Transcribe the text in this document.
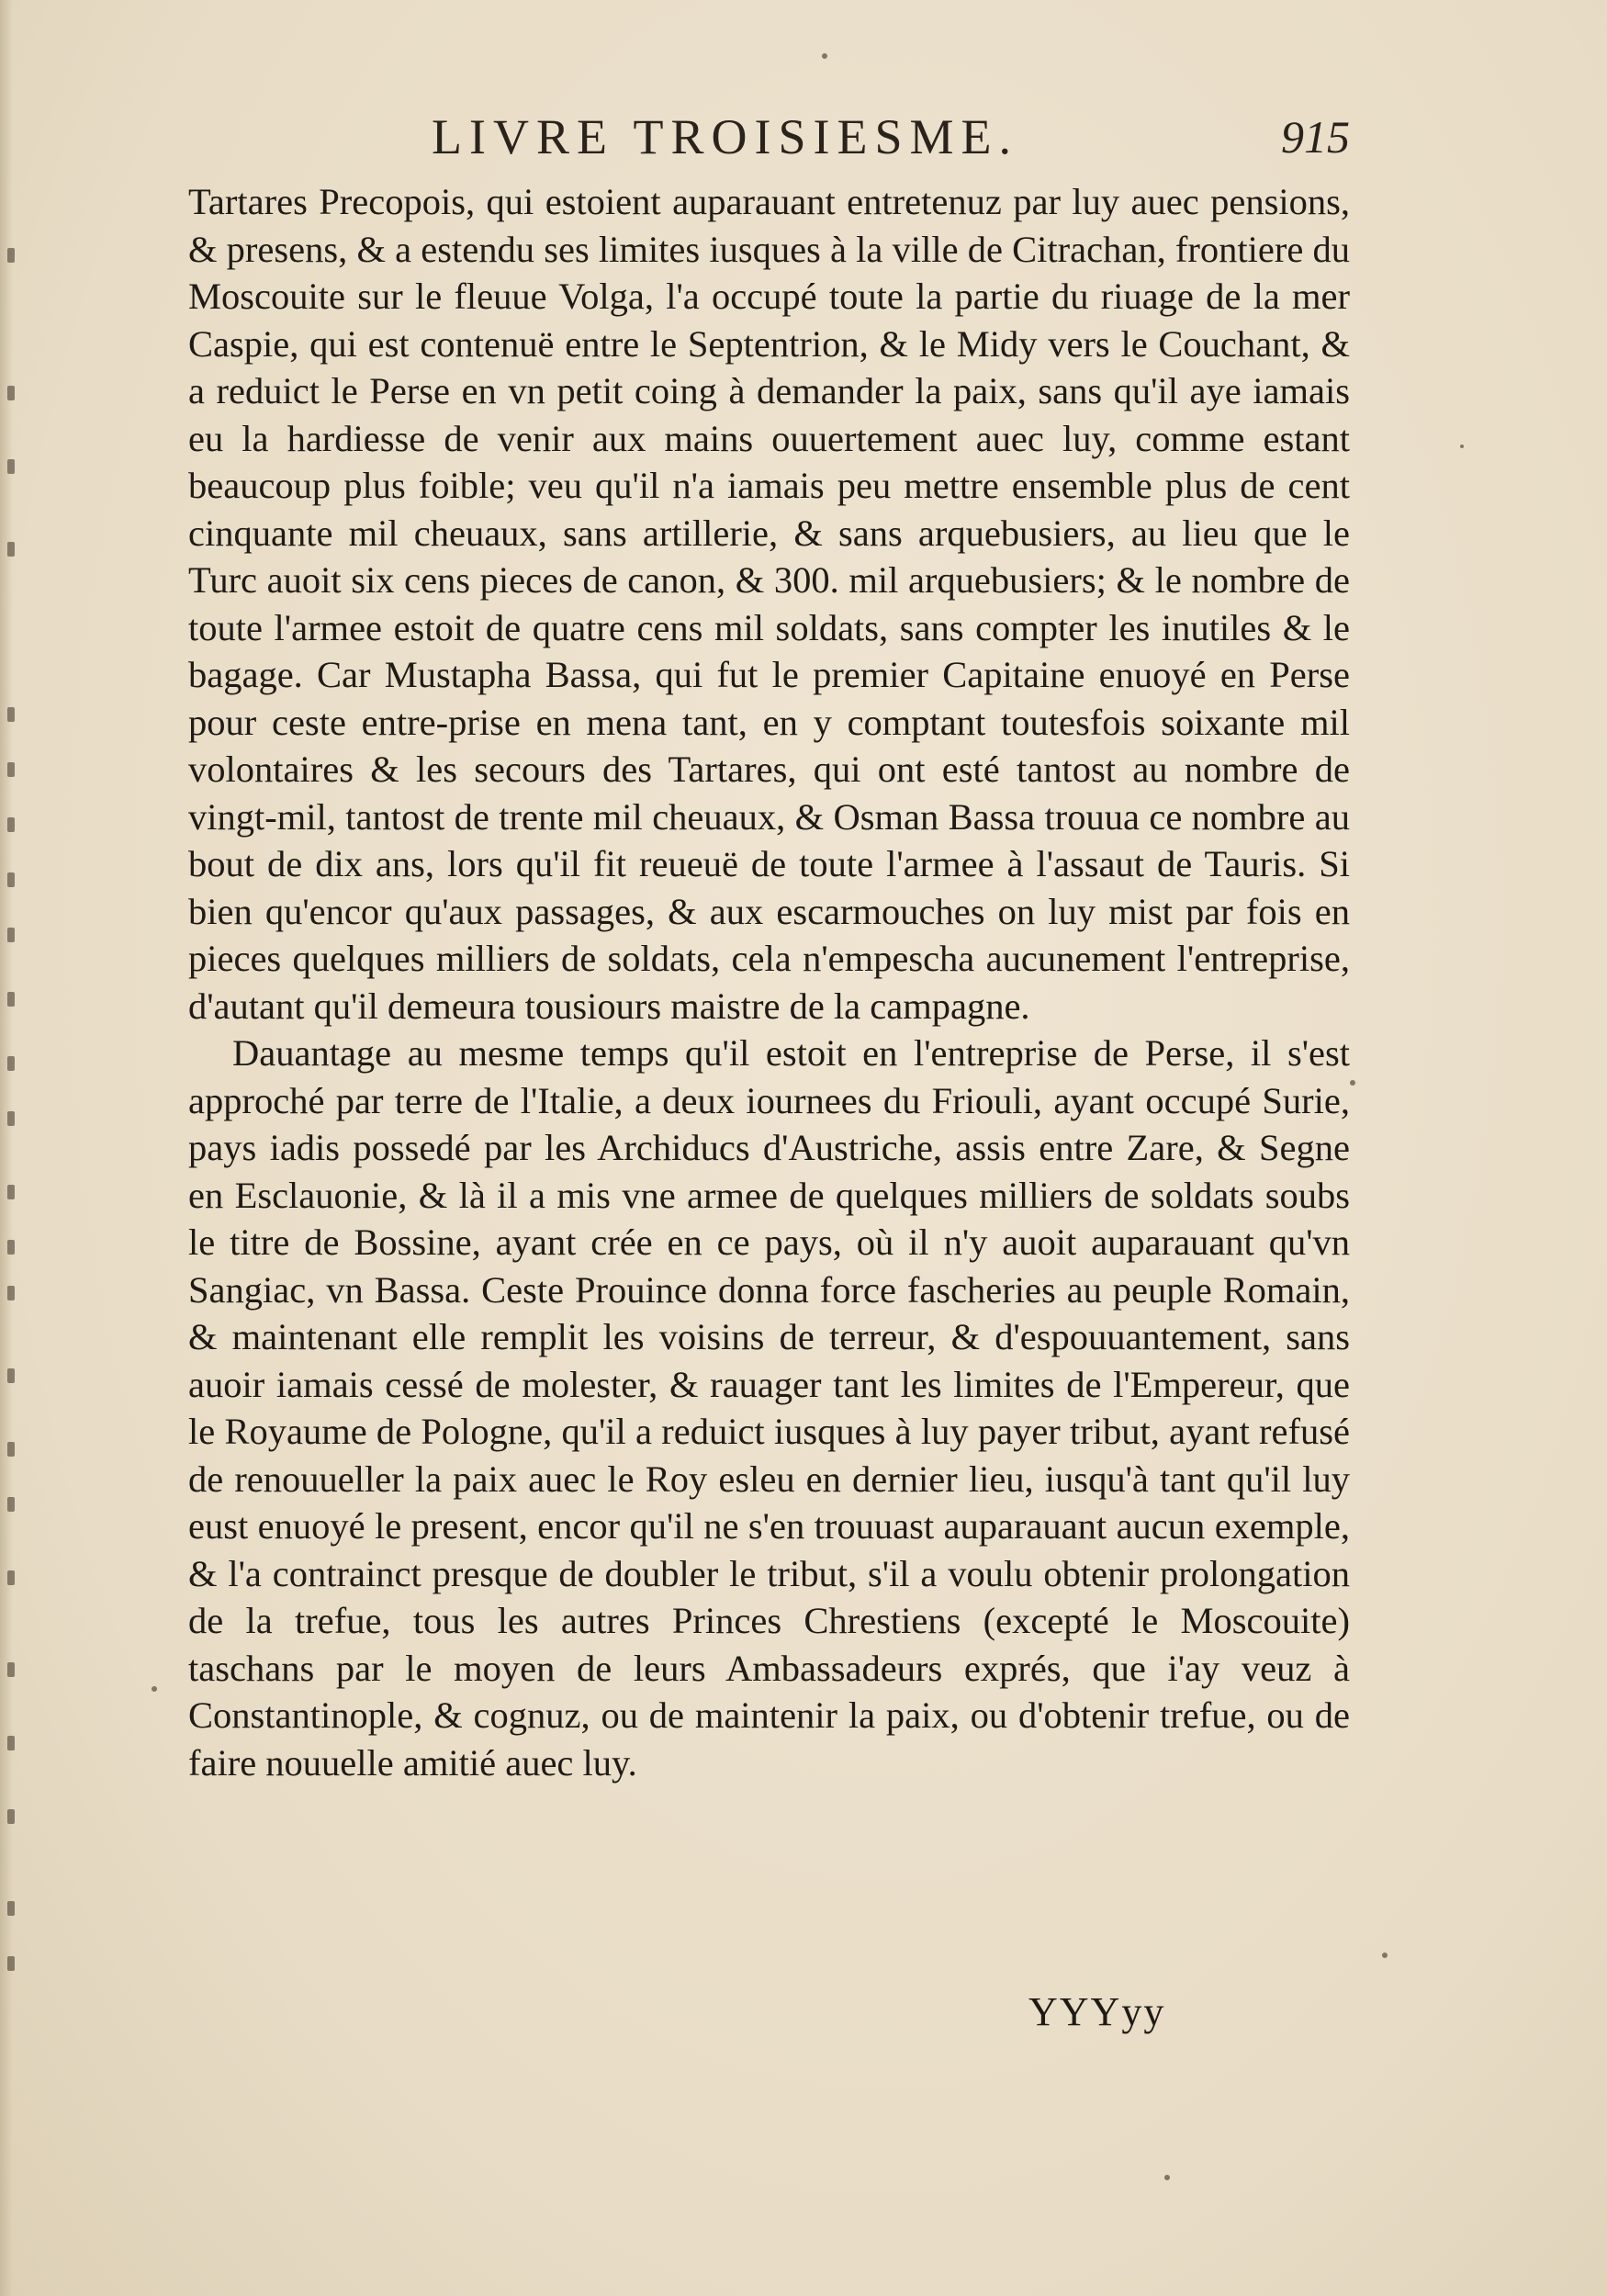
LIVRE TROISIESME.	915

Tartares Precopois, qui estoient auparauant entretenuz par luy auec pensions, & presens, & a estendu ses limites iusques à la ville de Citrachan, frontiere du Moscouite sur le fleuue Volga, l'a occupé toute la partie du riuage de la mer Caspie, qui est contenuë entre le Septentrion, & le Midy vers le Couchant, & a reduict le Perse en vn petit coing à demander la paix, sans qu'il aye iamais eu la hardiesse de venir aux mains ouuertement auec luy, comme estant beaucoup plus foible; veu qu'il n'a iamais peu mettre ensemble plus de cent cinquante mil cheuaux, sans artillerie, & sans arquebusiers, au lieu que le Turc auoit six cens pieces de canon, & 300. mil arquebusiers; & le nombre de toute l'armee estoit de quatre cens mil soldats, sans compter les inutiles & le bagage. Car Mustapha Bassa, qui fut le premier Capitaine enuoyé en Perse pour ceste entre-prise en mena tant, en y comptant toutesfois soixante mil volontaires & les secours des Tartares, qui ont esté tantost au nombre de vingt-mil, tantost de trente mil cheuaux, & Osman Bassa trouua ce nombre au bout de dix ans, lors qu'il fit reueuë de toute l'armee à l'assaut de Tauris. Si bien qu'encor qu'aux passages, & aux escarmouches on luy mist par fois en pieces quelques milliers de soldats, cela n'empescha aucunement l'entreprise, d'autant qu'il demeura tousiours maistre de la campagne.

Dauantage au mesme temps qu'il estoit en l'entreprise de Perse, il s'est approché par terre de l'Italie, a deux iournees du Friouli, ayant occupé Surie, pays iadis possedé par les Archiducs d'Austriche, assis entre Zare, & Segne en Esclauonie, & là il a mis vne armee de quelques milliers de soldats soubs le titre de Bossine, ayant crée en ce pays, où il n'y auoit auparauant qu'vn Sangiac, vn Bassa. Ceste Prouince donna force fascheries au peuple Romain, & maintenant elle remplit les voisins de terreur, & d'espouuantement, sans auoir iamais cessé de molester, & rauager tant les limites de l'Empereur, que le Royaume de Pologne, qu'il a reduict iusques à luy payer tribut, ayant refusé de renouueller la paix auec le Roy esleu en dernier lieu, iusqu'à tant qu'il luy eust enuoyé le present, encor qu'il ne s'en trouuast auparauant aucun exemple, & l'a contrainct presque de doubler le tribut, s'il a voulu obtenir prolongation de la trefue, tous les autres Princes Chrestiens (excepté le Moscouite) taschans par le moyen de leurs Ambassadeurs exprés, que i'ay veuz à Constantinople, & cognuz, ou de maintenir la paix, ou d'obtenir trefue, ou de faire nouuelle amitié auec luy.

YYYyy
